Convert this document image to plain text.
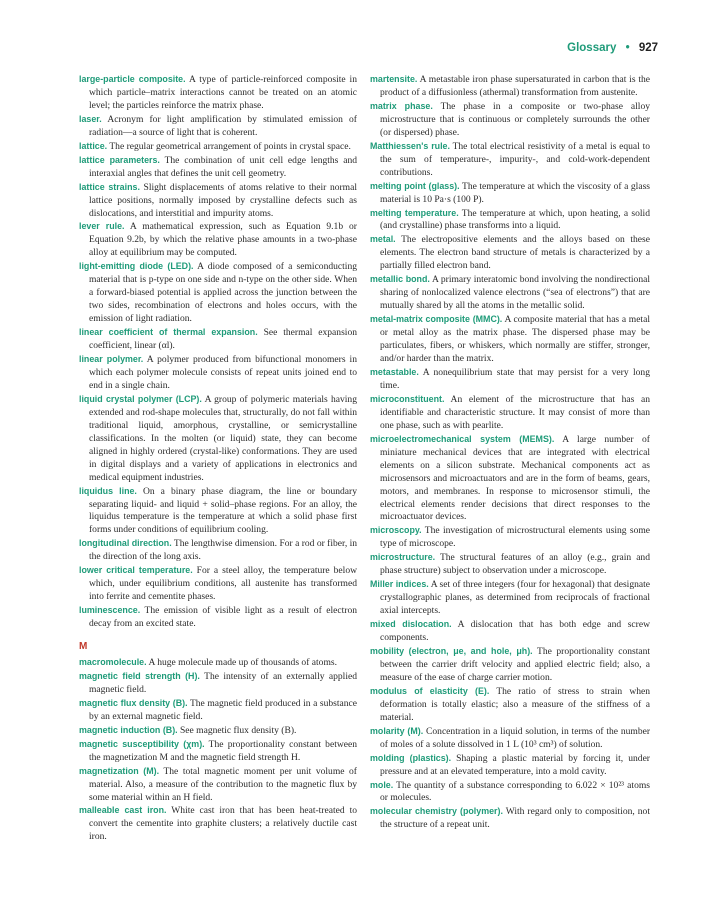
Glossary • 927

large-particle composite. A type of particle-reinforced composite in which particle–matrix interactions cannot be treated on an atomic level; the particles reinforce the matrix phase.

laser. Acronym for light amplification by stimulated emission of radiation—a source of light that is coherent.

lattice. The regular geometrical arrangement of points in crystal space.

lattice parameters. The combination of unit cell edge lengths and interaxial angles that defines the unit cell geometry.

lattice strains. Slight displacements of atoms relative to their normal lattice positions, normally imposed by crystalline defects such as dislocations, and interstitial and impurity atoms.

lever rule. A mathematical expression, such as Equation 9.1b or Equation 9.2b, by which the relative phase amounts in a two-phase alloy at equilibrium may be computed.

light-emitting diode (LED). A diode composed of a semiconducting material that is p-type on one side and n-type on the other side. When a forward-biased potential is applied across the junction between the two sides, recombination of electrons and holes occurs, with the emission of light radiation.

linear coefficient of thermal expansion. See thermal expansion coefficient, linear (αl).

linear polymer. A polymer produced from bifunctional monomers in which each polymer molecule consists of repeat units joined end to end in a single chain.

liquid crystal polymer (LCP). A group of polymeric materials having extended and rod-shape molecules that, structurally, do not fall within traditional liquid, amorphous, crystalline, or semicrystalline classifications. In the molten (or liquid) state, they can become aligned in highly ordered (crystal-like) conformations. They are used in digital displays and a variety of applications in electronics and medical equipment industries.

liquidus line. On a binary phase diagram, the line or boundary separating liquid- and liquid + solid–phase regions. For an alloy, the liquidus temperature is the temperature at which a solid phase first forms under conditions of equilibrium cooling.

longitudinal direction. The lengthwise dimension. For a rod or fiber, in the direction of the long axis.

lower critical temperature. For a steel alloy, the temperature below which, under equilibrium conditions, all austenite has transformed into ferrite and cementite phases.

luminescence. The emission of visible light as a result of electron decay from an excited state.

M

macromolecule. A huge molecule made up of thousands of atoms.

magnetic field strength (H). The intensity of an externally applied magnetic field.

magnetic flux density (B). The magnetic field produced in a substance by an external magnetic field.

magnetic induction (B). See magnetic flux density (B).

magnetic susceptibility (χm). The proportionality constant between the magnetization M and the magnetic field strength H.

magnetization (M). The total magnetic moment per unit volume of material. Also, a measure of the contribution to the magnetic flux by some material within an H field.

malleable cast iron. White cast iron that has been heat-treated to convert the cementite into graphite clusters; a relatively ductile cast iron.

martensite. A metastable iron phase supersaturated in carbon that is the product of a diffusionless (athermal) transformation from austenite.

matrix phase. The phase in a composite or two-phase alloy microstructure that is continuous or completely surrounds the other (or dispersed) phase.

Matthiessen's rule. The total electrical resistivity of a metal is equal to the sum of temperature-, impurity-, and cold-work-dependent contributions.

melting point (glass). The temperature at which the viscosity of a glass material is 10 Pa·s (100 P).

melting temperature. The temperature at which, upon heating, a solid (and crystalline) phase transforms into a liquid.

metal. The electropositive elements and the alloys based on these elements. The electron band structure of metals is characterized by a partially filled electron band.

metallic bond. A primary interatomic bond involving the nondirectional sharing of nonlocalized valence electrons (“sea of electrons”) that are mutually shared by all the atoms in the metallic solid.

metal-matrix composite (MMC). A composite material that has a metal or metal alloy as the matrix phase. The dispersed phase may be particulates, fibers, or whiskers, which normally are stiffer, stronger, and/or harder than the matrix.

metastable. A nonequilibrium state that may persist for a very long time.

microconstituent. An element of the microstructure that has an identifiable and characteristic structure. It may consist of more than one phase, such as with pearlite.

microelectromechanical system (MEMS). A large number of miniature mechanical devices that are integrated with electrical elements on a silicon substrate. Mechanical components act as microsensors and microactuators and are in the form of beams, gears, motors, and membranes. In response to microsensor stimuli, the electrical elements render decisions that direct responses to the microactuator devices.

microscopy. The investigation of microstructural elements using some type of microscope.

microstructure. The structural features of an alloy (e.g., grain and phase structure) subject to observation under a microscope.

Miller indices. A set of three integers (four for hexagonal) that designate crystallographic planes, as determined from reciprocals of fractional axial intercepts.

mixed dislocation. A dislocation that has both edge and screw components.

mobility (electron, μe, and hole, μh). The proportionality constant between the carrier drift velocity and applied electric field; also, a measure of the ease of charge carrier motion.

modulus of elasticity (E). The ratio of stress to strain when deformation is totally elastic; also a measure of the stiffness of a material.

molarity (M). Concentration in a liquid solution, in terms of the number of moles of a solute dissolved in 1 L (10³ cm³) of solution.

molding (plastics). Shaping a plastic material by forcing it, under pressure and at an elevated temperature, into a mold cavity.

mole. The quantity of a substance corresponding to 6.022 × 10²³ atoms or molecules.

molecular chemistry (polymer). With regard only to composition, not the structure of a repeat unit.
